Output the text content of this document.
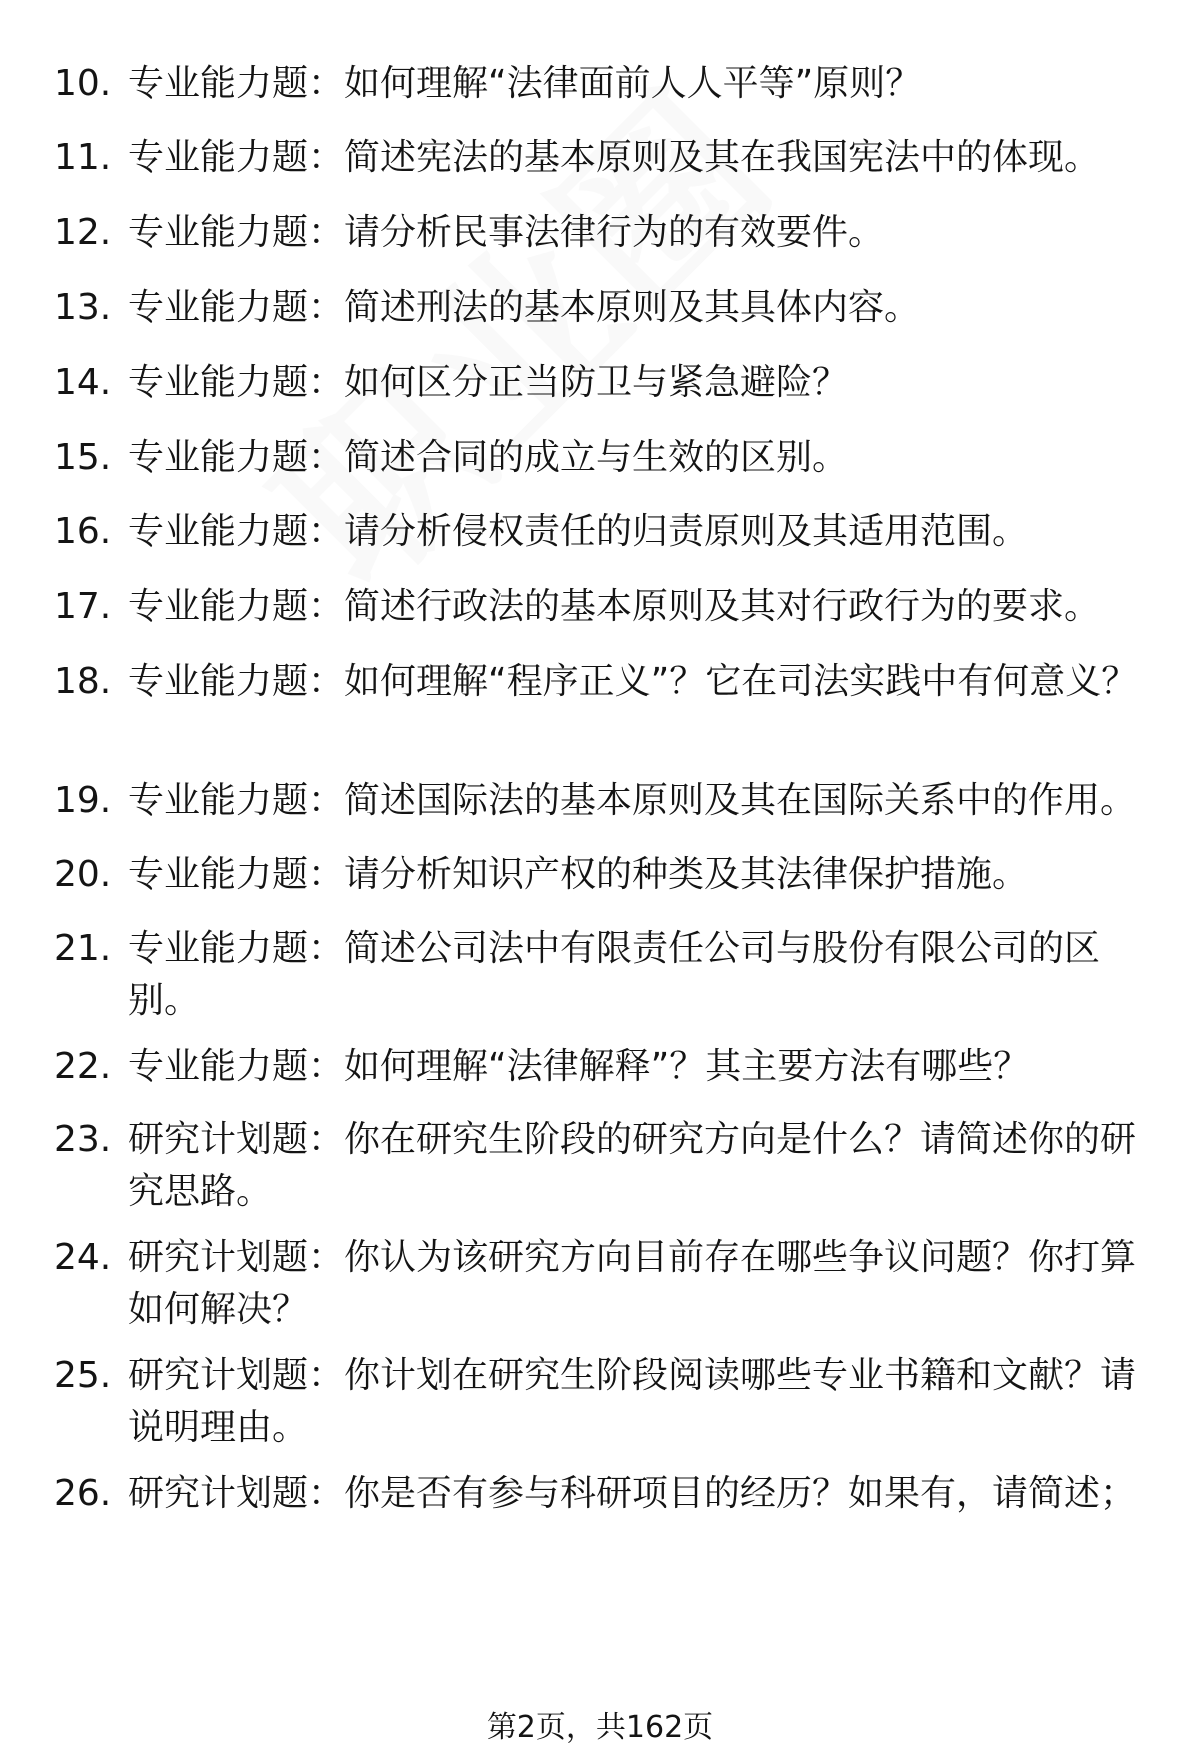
10. 专业能力题：如何理解“法律面前人人平等”原则？
11. 专业能力题：简述宪法的基本原则及其在我国宪法中的体现。
12. 专业能力题：请分析民事法律行为的有效要件。
13. 专业能力题：简述刑法的基本原则及其具体内容。
14. 专业能力题：如何区分正当防卫与紧急避险？
15. 专业能力题：简述合同的成立与生效的区别。
16. 专业能力题：请分析侵权责任的归责原则及其适用范围。
17. 专业能力题：简述行政法的基本原则及其对行政行为的要求。
18. 专业能力题：如何理解“程序正义”？它在司法实践中有何意义？
19. 专业能力题：简述国际法的基本原则及其在国际关系中的作用。
20. 专业能力题：请分析知识产权的种类及其法律保护措施。
21. 专业能力题：简述公司法中有限责任公司与股份有限公司的区别。
22. 专业能力题：如何理解“法律解释”？其主要方法有哪些？
23. 研究计划题：你在研究生阶段的研究方向是什么？请简述你的研究思路。
24. 研究计划题：你认为该研究方向目前存在哪些争议问题？你打算如何解决？
25. 研究计划题：你计划在研究生阶段阅读哪些专业书籍和文献？请说明理由。
26. 研究计划题：你是否有参与科研项目的经历？如果有，请简述；
第2页，共162页
